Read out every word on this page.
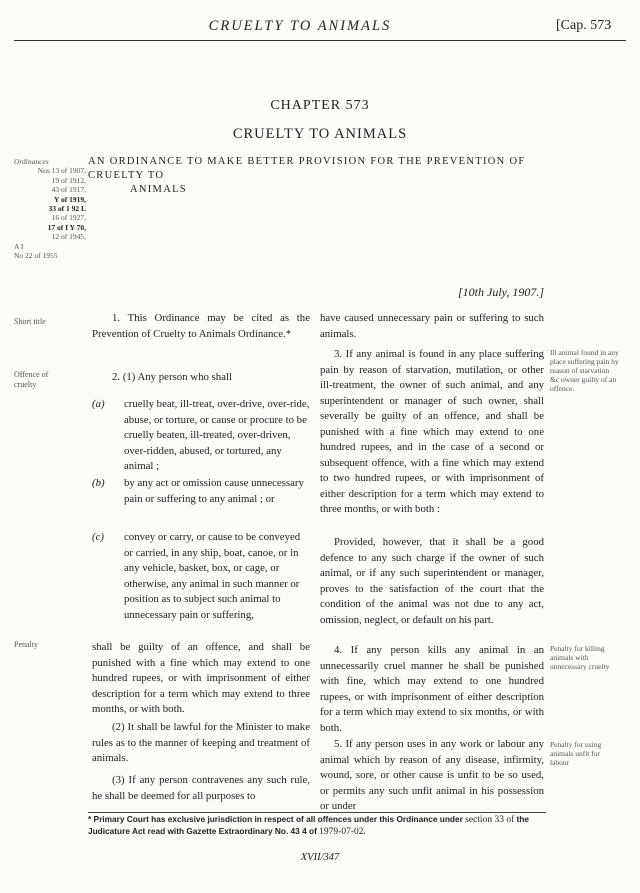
CRUELTY TO ANIMALS	[Cap. 573
CHAPTER 573
CRUELTY TO ANIMALS
Ordinances
Nos 13 of 1907,
19 of 1912,
43 of 1917,
Y of 1919,
33 of 1 92 L
16 of 1927,
17 of I Y 70,
12 of 1945,
A I
No 22 of 1955
AN ORDINANCE TO MAKE BETTER PROVISION FOR THE PREVENTION OF CRUELTY TO
ANIMALS
[10th July, 1907.]
Short title
Offence of cruelty
Penalty
Ill animal found in any place suffering pain by reason of starvation &c owner guilty of an offence.
Penalty for killing animals with unnecessary cruelty
Penalty for using animals unfit for labour
1. This Ordinance may be cited as the Prevention of Cruelty to Animals Ordinance.*
2. (1) Any person who shall
(a) cruelly beat, ill-treat, over-drive, over-ride, abuse, or torture, or cause or procure to be cruelly beaten, ill-treated, over-driven, over-ridden, abused, or tortured, any animal ;
(b) by any act or omission cause unnecessary pain or suffering to any animal ; or
(c) convey or carry, or cause to be conveyed or carried, in any ship, boat, canoe, or in any vehicle, basket, box, or cage, or otherwise, any animal in such manner or position as to subject such animal to unnecessary pain or suffering,
shall be guilty of an offence, and shall be punished with a fine which may extend to one hundred rupees, or with imprisonment of either description for a term which may extend to three months, or with both.
(2) It shall be lawful for the Minister to make rules as to the manner of keeping and treatment of animals.
(3) If any person contravenes any such rule, he shall be deemed for all purposes to
have caused unnecessary pain or suffering to such animals.
3. If any animal is found in any place suffering pain by reason of starvation, mutilation, or other ill-treatment, the owner of such animal, and any superintendent or manager of such owner, shall severally be guilty of an offence, and shall be punished with a fine which may extend to one hundred rupees, and in the case of a second or subsequent offence, with a fine which may extend to two hundred rupees, or with imprisonment of either description for a term which may extend to three months, or with both :
Provided, however, that it shall be a good defence to any such charge if the owner of such animal, or if any such superintendent or manager, proves to the satisfaction of the court that the condition of the animal was not due to any act, omission, neglect, or default on his part.
4. If any person kills any animal in an unnecessarily cruel manner he shall be punished with fine, which may extend to one hundred rupees, or with imprisonment of either description for a term which may extend to six months, or with both.
5. If any person uses in any work or labour any animal which by reason of any disease, infirmity, wound, sore, or other cause is unfit to be so used, or permits any such unfit animal in his possession or under
* Primary Court has exclusive jurisdiction in respect of all offences under this Ordinance under section 33 of the Judicature Act read with Gazette Extraordinary No. 43 4 of 1979-07-02.
XVII/347
